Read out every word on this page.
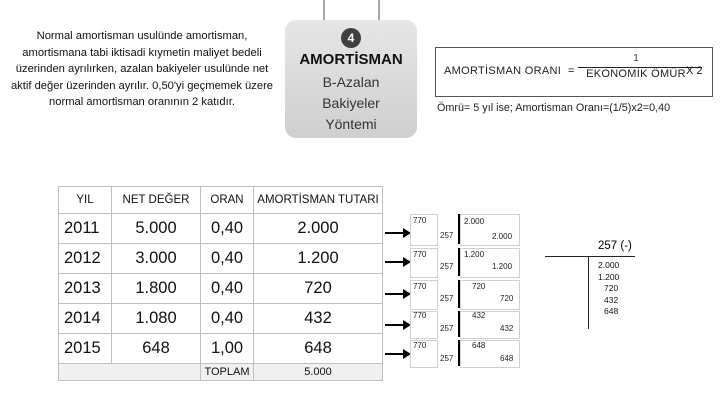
Normal amortisman usulünde amortisman, amortismana tabi iktisadi kıymetin maliyet bedeli üzerinden ayrılırken, azalan bakiyeler usulünde net aktif değer üzerinden ayrılır. 0,50'yi geçmemek üzere normal amortisman oranının 2 katıdır.
4
AMORTİSMAN
B-Azalan
Bakiyeler
Yöntemi
AMORTİSMAN ORANI =
1
EKONOMİK ÖMÜR X 2
Ömrü= 5 yıl ise; Amortisman Oranı=(1/5)x2=0,40
YIL	NET DEĞER	ORAN	AMORTİSMAN TUTARI
2011	5.000	0,40	2.000
2012	3.000	0,40	1.200
2013	1.800	0,40	720
2014	1.080	0,40	432
2015	648	1,00	648
		TOPLAM	5.000
770
257
2.000
2.000
770
257
1.200
1.200
770
257
720
720
770
257
432
432
770
257
648
648
257 (-)
2.000
1.200
720
432
648
